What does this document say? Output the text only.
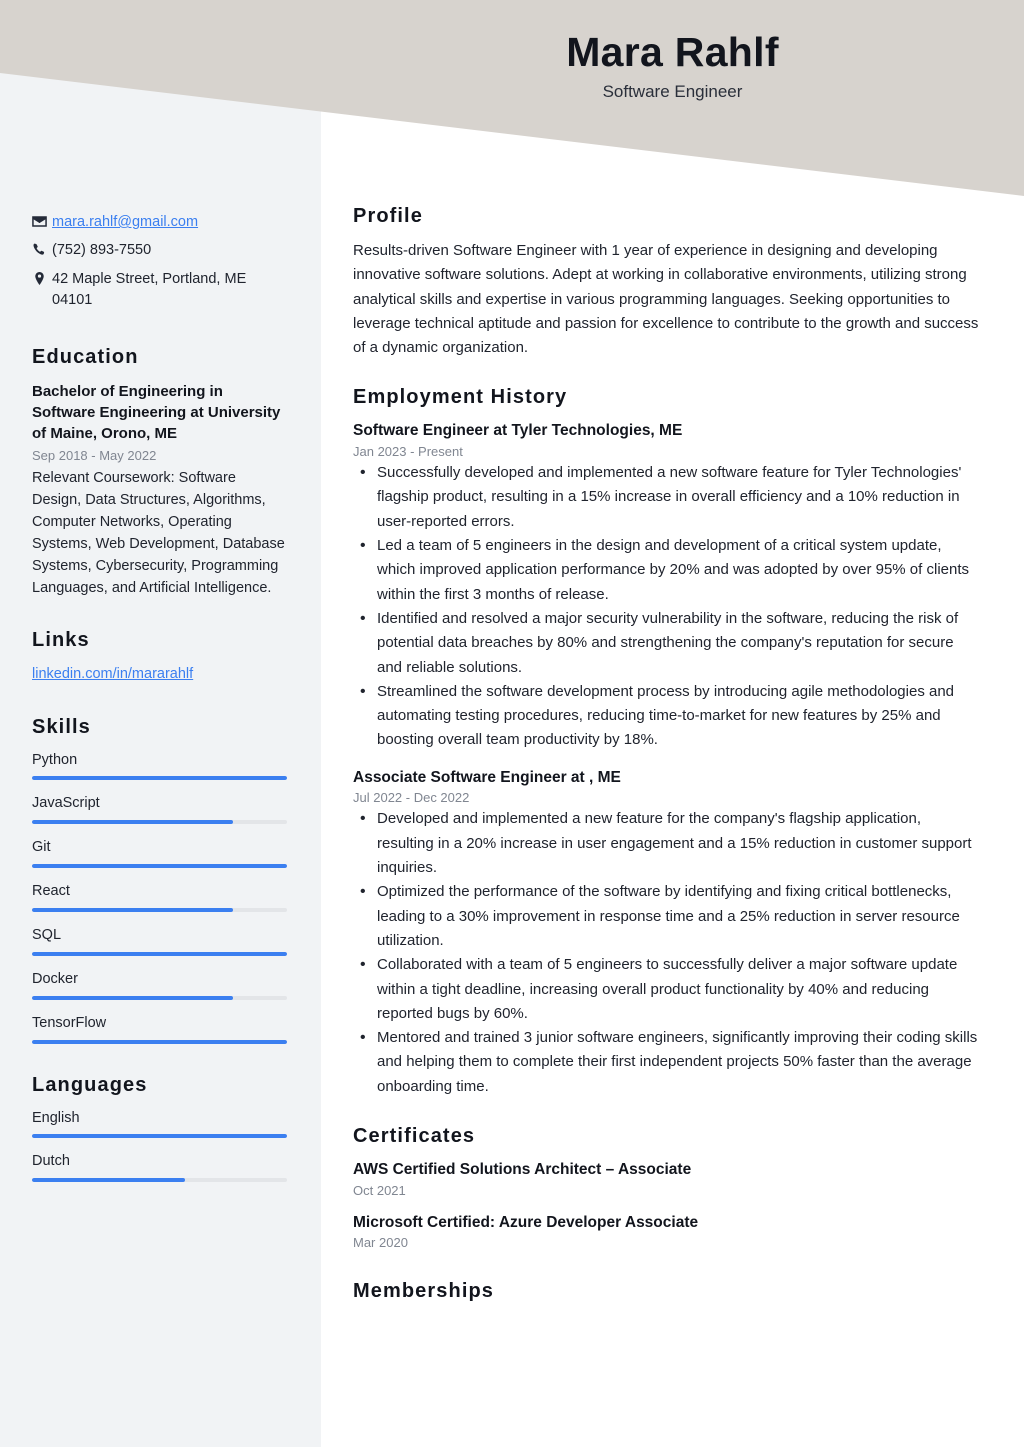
Mara Rahlf
Software Engineer
mara.rahlf@gmail.com
(752) 893-7550
42 Maple Street, Portland, ME 04101
Education
Bachelor of Engineering in Software Engineering at University of Maine, Orono, ME
Sep 2018 - May 2022
Relevant Coursework: Software Design, Data Structures, Algorithms, Computer Networks, Operating Systems, Web Development, Database Systems, Cybersecurity, Programming Languages, and Artificial Intelligence.
Links
linkedin.com/in/mararahlf
Skills
Python
JavaScript
Git
React
SQL
Docker
TensorFlow
Languages
English
Dutch
Profile
Results-driven Software Engineer with 1 year of experience in designing and developing innovative software solutions. Adept at working in collaborative environments, utilizing strong analytical skills and expertise in various programming languages. Seeking opportunities to leverage technical aptitude and passion for excellence to contribute to the growth and success of a dynamic organization.
Employment History
Software Engineer at Tyler Technologies, ME
Jan 2023 - Present
• Successfully developed and implemented a new software feature for Tyler Technologies' flagship product, resulting in a 15% increase in overall efficiency and a 10% reduction in user-reported errors.
• Led a team of 5 engineers in the design and development of a critical system update, which improved application performance by 20% and was adopted by over 95% of clients within the first 3 months of release.
• Identified and resolved a major security vulnerability in the software, reducing the risk of potential data breaches by 80% and strengthening the company's reputation for secure and reliable solutions.
• Streamlined the software development process by introducing agile methodologies and automating testing procedures, reducing time-to-market for new features by 25% and boosting overall team productivity by 18%.
Associate Software Engineer at , ME
Jul 2022 - Dec 2022
• Developed and implemented a new feature for the company's flagship application, resulting in a 20% increase in user engagement and a 15% reduction in customer support inquiries.
• Optimized the performance of the software by identifying and fixing critical bottlenecks, leading to a 30% improvement in response time and a 25% reduction in server resource utilization.
• Collaborated with a team of 5 engineers to successfully deliver a major software update within a tight deadline, increasing overall product functionality by 40% and reducing reported bugs by 60%.
• Mentored and trained 3 junior software engineers, significantly improving their coding skills and helping them to complete their first independent projects 50% faster than the average onboarding time.
Certificates
AWS Certified Solutions Architect – Associate
Oct 2021
Microsoft Certified: Azure Developer Associate
Mar 2020
Memberships
